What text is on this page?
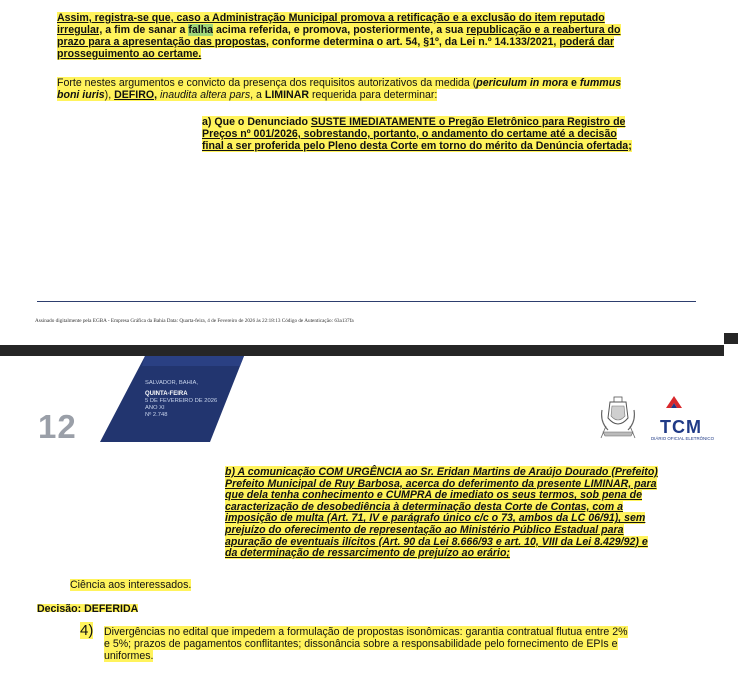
Assim, registra-se que, caso a Administração Municipal promova a retificação e a exclusão do item reputado
irregular, a fim de sanar a falha acima referida, e promova, posteriormente, a sua republicação e a reabertura do
prazo para a apresentação das propostas, conforme determina o art. 54, §1º, da Lei n.º 14.133/2021, poderá dar
prosseguimento ao certame.
Forte nestes argumentos e convicto da presença dos requisitos autorizativos da medida (periculum in mora e fummus
boni iuris), DEFIRO, inaudita altera pars, a LIMINAR requerida para determinar:
a) Que o Denunciado SUSTE IMEDIATAMENTE o Pregão Eletrônico para Registro de
Preços nº 001/2026, sobrestando, portanto, o andamento do certame até a decisão
final a ser proferida pelo Pleno desta Corte em torno do mérito da Denúncia ofertada;
Assinado digitalmente pela EGBA - Empresa Gráfica da Bahia Data: Quarta-feira, 4 de Fevereiro de 2026 às 22:18:13 Código de Autenticação: 63a137fa
12
SALVADOR, BAHIA,
QUINTA-FEIRA
5 DE FEVEREIRO DE 2026
ANO XI
Nº 2.748
TCM
DIÁRIO OFICIAL ELETRÔNICO
b) A comunicação COM URGÊNCIA ao Sr. Eridan Martins de Araújo Dourado (Prefeito)
Prefeito Municipal de Ruy Barbosa, acerca do deferimento da presente LIMINAR, para
que dela tenha conhecimento e CUMPRA de imediato os seus termos, sob pena de
caracterização de desobediência à determinação desta Corte de Contas, com a
imposição de multa (Art. 71, IV e parágrafo único c/c o 73, ambos da LC 06/91), sem
prejuízo do oferecimento de representação ao Ministério Público Estadual para
apuração de eventuais ilícitos (Art. 90 da Lei 8.666/93 e art. 10, VIII da Lei 8.429/92) e
da determinação de ressarcimento de prejuízo ao erário;
Ciência aos interessados.
Decisão: DEFERIDA
4) Divergências no edital que impedem a formulação de propostas isonômicas: garantia contratual flutua entre 2%
e 5%; prazos de pagamentos conflitantes; dissonância sobre a responsabilidade pelo fornecimento de EPIs e
uniformes.
